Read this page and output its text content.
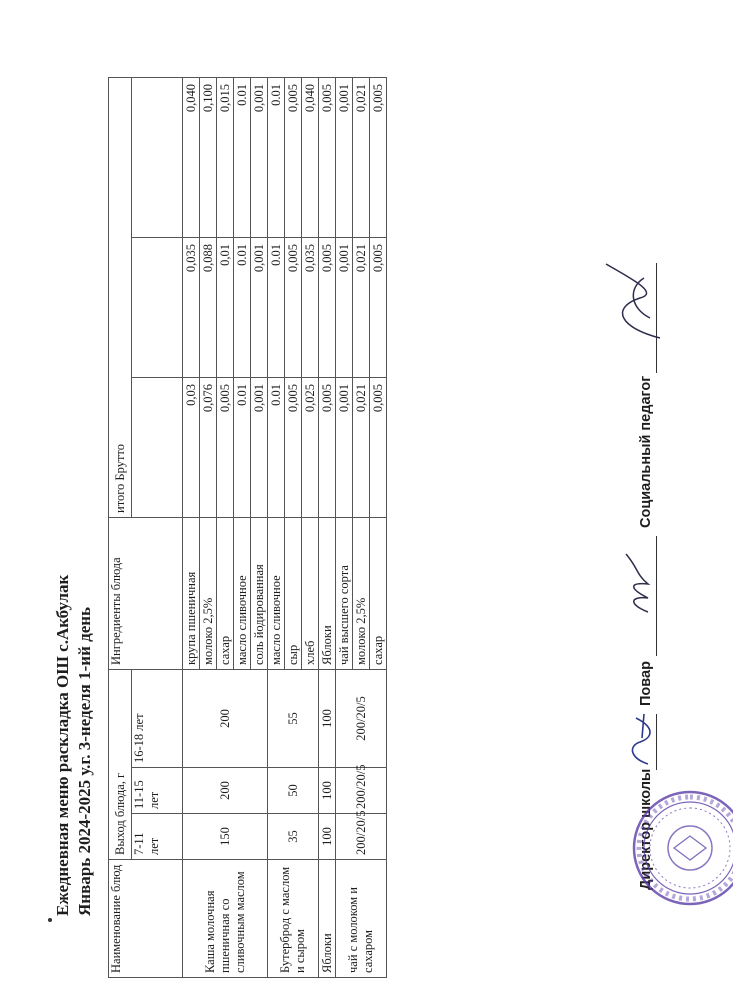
Ежедневная меню раскладка ОШ с.Акбулак Январь 2024-2025 у.г. 3-неделя 1-ий день
Наименование блюд	Выход блюда, г			Ингредиенты блюда	итого Брутто		
	7-11 лет	11-15 лет	16-18 лет				
Каша молочная пшеничная со сливочным маслом	150	200	200	крупа пшеничная	0,03	0,035	0,040
				молоко 2,5%	0,076	0,088	0,100
				сахар	0,005	0,01	0,015
				масло сливочное	0.01	0.01	0.01
				соль йодированная	0,001	0,001	0,001
Бутерброд с маслом и сыром	35	50	55	масло сливочное	0.01	0.01	0.01
				сыр	0,005	0,005	0,005
				хлеб	0,025	0,035	0,040
Яблоки	100	100	100	Яблоки	0,005	0,005	0,005
чай с молоком и сахаром	200/20/5	200/20/5	200/20/5	чай высшего сорта	0,001	0,001	0,001
				молоко 2,5%	0,021	0,021	0,021
				сахар	0,005	0,005	0,005
Директор школы
Повар
Социальный педагог
